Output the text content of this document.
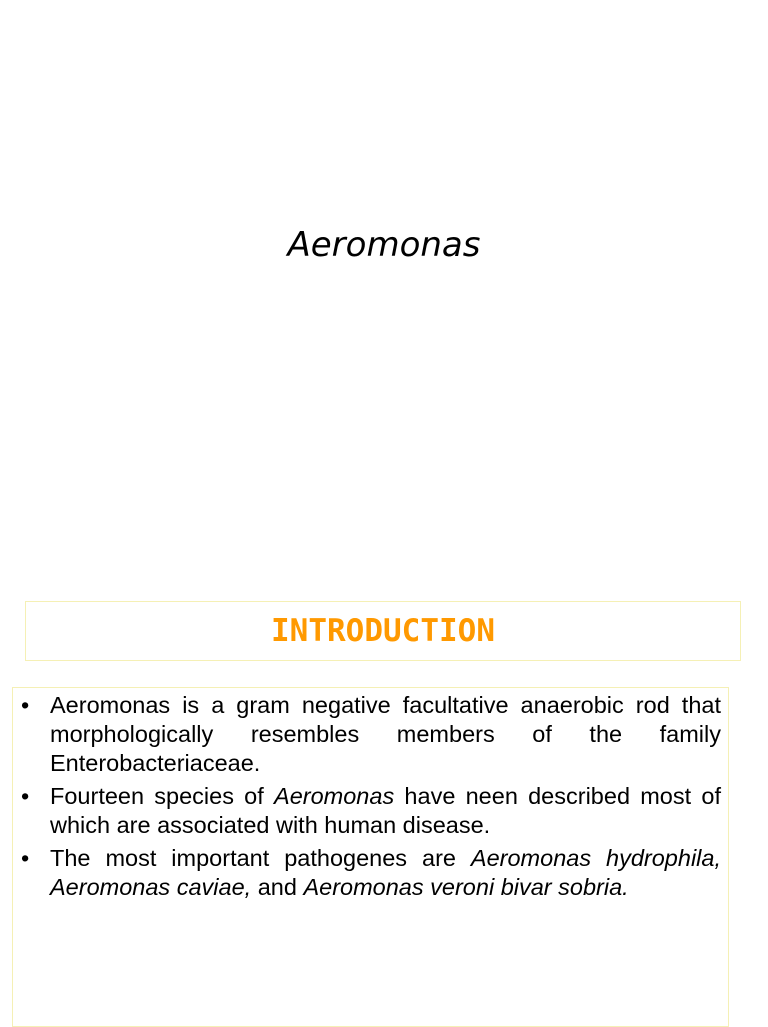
Aeromonas
INTRODUCTION
• Aeromonas is a gram negative facultative anaerobic rod that morphologically resembles members of the family Enterobacteriaceae.
• Fourteen species of Aeromonas have neen described most of which are associated with human disease.
• The most important pathogenes are Aeromonas hydrophila, Aeromonas caviae, and Aeromonas veroni bivar sobria.
